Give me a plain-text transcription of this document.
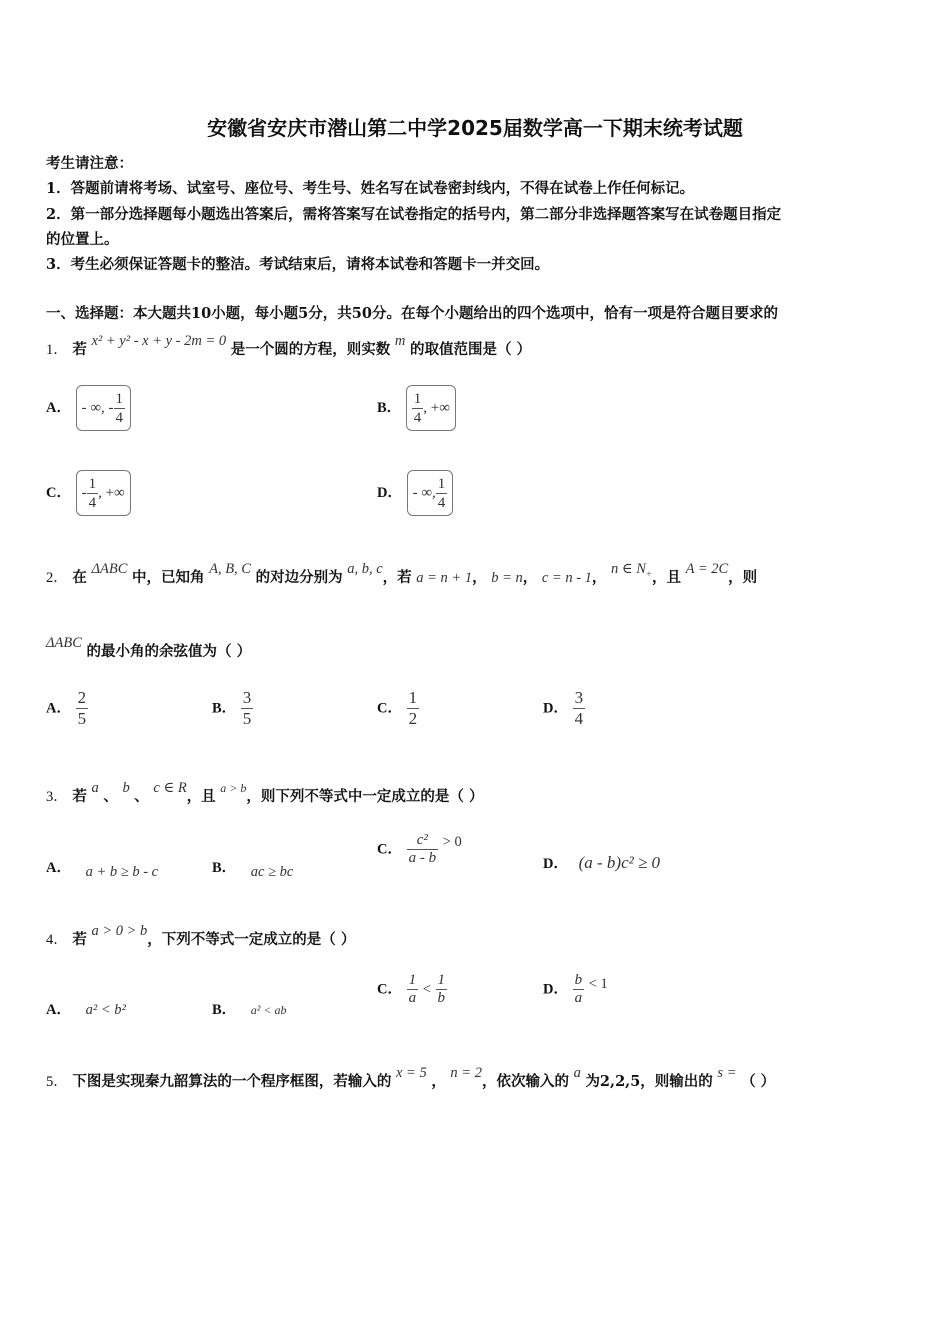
安徽省安庆市潜山第二中学2025届数学高一下期末统考试题
考生请注意：
1．答题前请将考场、试室号、座位号、考生号、姓名写在试卷密封线内，不得在试卷上作任何标记。
2．第一部分选择题每小题选出答案后，需将答案写在试卷指定的括号内，第二部分非选择题答案写在试卷题目指定
的位置上。
3．考生必须保证答题卡的整洁。考试结束后，请将本试卷和答题卡一并交回。
一、选择题：本大题共10小题，每小题5分，共50分。在每个小题给出的四个选项中，恰有一项是符合题目要求的
1． 若 x² + y² - x + y - 2m = 0 是一个圆的方程，则实数 m 的取值范围是（ ）
A． - ∞, - $\frac{1}{4}$	B． $\frac{1}{4}$ , +∞
C． - $\frac{1}{4}$ , +∞	D． - ∞, $\frac{1}{4}$
2． 在 ΔABC 中，已知角 A, B, C 的对边分别为 a, b, c，若 a = n + 1， b = n， c = n - 1， n ∈ $N_+$，且 A = 2C，则
ΔABC 的最小角的余弦值为（ ）
A． $\frac{2}{5}$	B． $\frac{3}{5}$	C． $\frac{1}{2}$	D． $\frac{3}{4}$
3． 若 a 、 b 、 c ∈ R，且 $^{a > b}$，则下列不等式中一定成立的是（ ）
A． a + b ≥ b - c	B． ac ≥ bc
C． $\frac{\text{c²}}{a - b} > 0$
D． (a - b)c² ≥ 0
4． 若 a > 0 > b，下列不等式一定成立的是（ ）
A． a² < b²	B． a² < ab
C． $\frac{1}{a} < \frac{1}{b}$	D． $\frac{b}{a} < 1$
5． 下图是实现秦九韶算法的一个程序框图，若输入的 x = 5 ， n = 2，依次输入的 a 为2,2,5，则输出的 s = （ ）
